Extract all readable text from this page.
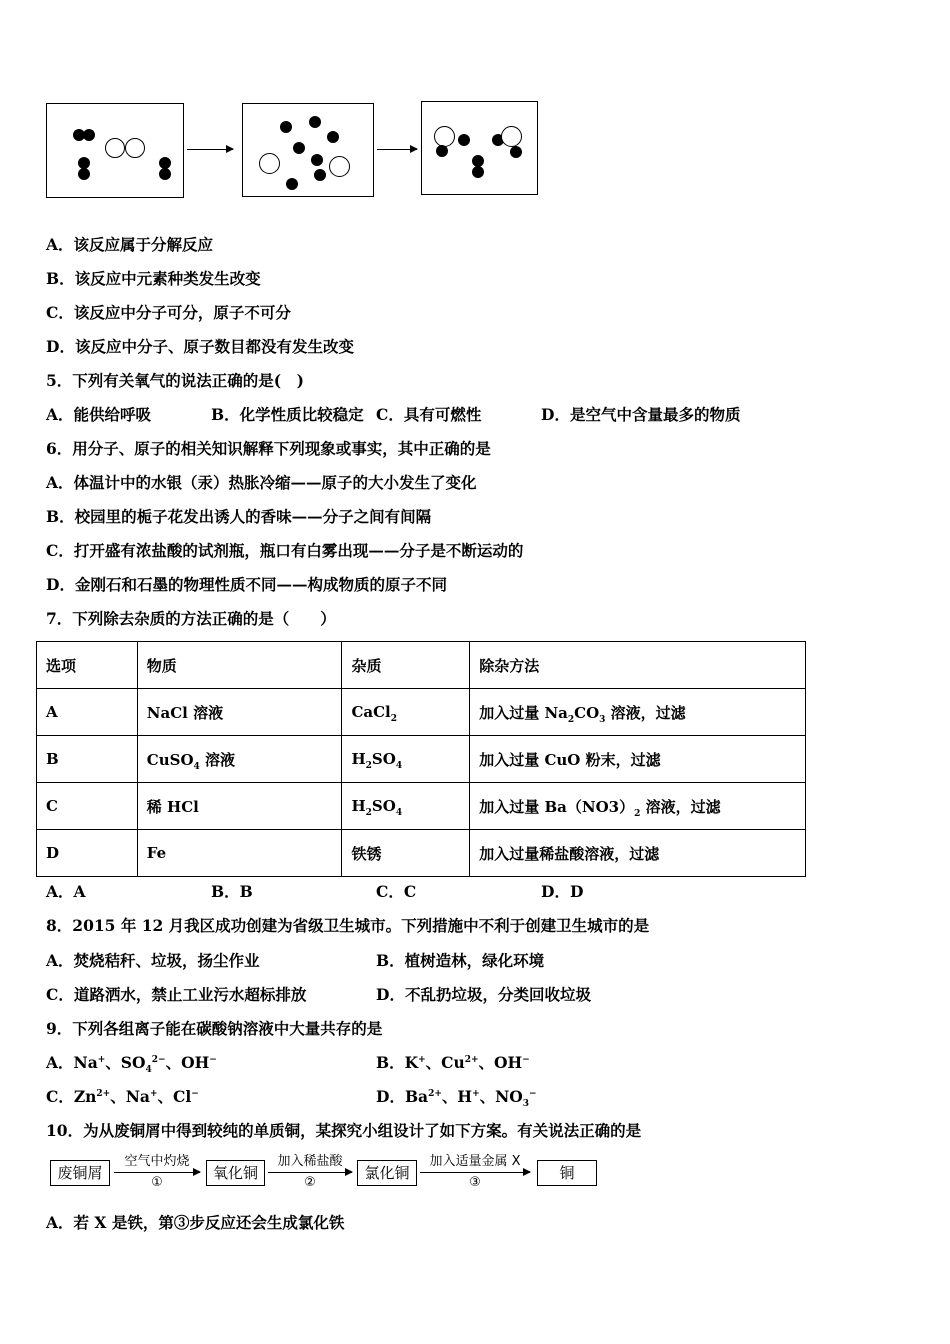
A．该反应属于分解反应
B．该反应中元素种类发生改变
C．该反应中分子可分，原子不可分
D．该反应中分子、原子数目都没有发生改变
5．下列有关氧气的说法正确的是(　)
A．能供给呼吸	B．化学性质比较稳定 C．具有可燃性	D．是空气中含量最多的物质
6．用分子、原子的相关知识解释下列现象或事实，其中正确的是
A．体温计中的水银（汞）热胀冷缩——原子的大小发生了变化
B．校园里的栀子花发出诱人的香味——分子之间有间隔
C．打开盛有浓盐酸的试剂瓶，瓶口有白雾出现——分子是不断运动的
D．金刚石和石墨的物理性质不同——构成物质的原子不同
7．下列除去杂质的方法正确的是（　　）
选项	物质	杂质	除杂方法
A	NaCl 溶液	CaCl$_2$	加入过量 $Na_2CO_3$ 溶液，过滤
B	CuSO$_4$ 溶液	$H_2SO_4$	加入过量 CuO 粉末，过滤
C	稀 HCl	$H_2SO_4$	加入过量 $Ba(NO3)_2$ 溶液，过滤
D	Fe	铁锈	加入过量稀盐酸溶液，过滤
A．A	B．B	C．C	D．D
8．2015 年 12 月我区成功创建为省级卫生城市。下列措施中不利于创建卫生城市的是
A．焚烧秸秆、垃圾，扬尘作业	B．植树造林，绿化环境
C．道路洒水，禁止工业污水超标排放	D．不乱扔垃圾，分类回收垃圾
9．下列各组离子能在碳酸钠溶液中大量共存的是
A．Na+、$SO_4^{2-}$、OH−	B．K+、$Cu^{2+}$、OH−
C．$Zn^{2+}$、Na+、Cl−	D．$Ba^{2+}$、H+、$NO_3^-$
10．为从废铜屑中得到较纯的单质铜，某探究小组设计了如下方案。有关说法正确的是
废铜屑
空气中灼烧
①
氧化铜
加入稀盐酸
②
氯化铜
加入适量金属 X
③
铜
A．若 X 是铁，第③步反应还会生成氯化铁
